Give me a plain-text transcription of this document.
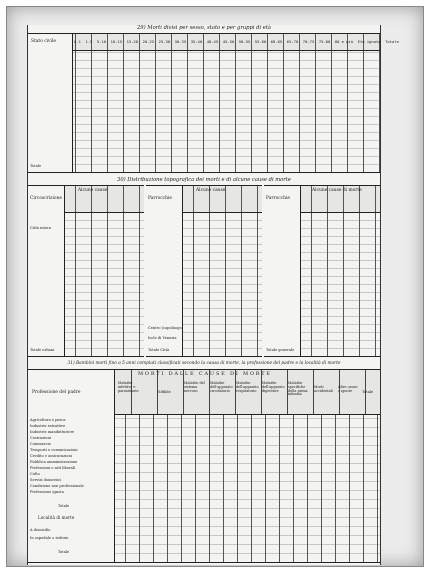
29) Morti divisi per sesso, stato e per gruppi di età
Stato civile
Totale
0-1 1-5 5-10 10-15 15-20 20-25 25-30 30-35 35-40 40-45 45-50 50-55 55-60 60-65 65-70 70-75 75-80 80 e più Età ignota Totale
30) Distribuzione topografica dei morti e di alcune cause di morte
Circoscrizione
Città intera
Totale urbani
Alcune cause
Parrocchie
Centro (capoluogo)
Isole di Venezia
Totale Città
Alcune cause
Parrocchie
Totale generale
Alcune cause di morte
31) Bambini morti fino a 5 anni compiuti classificati secondo la causa di morte, la professione del padre e la località di morte
MORTI DALLE CAUSE DI MORTE
Professione del padre
Agricoltura e pesca
Industrie estrattive
Industrie manifatturiere
Costruzioni
Commercio
Trasporti e comunicazioni
Credito e assicurazioni
Pubblica amministrazione
Professioni e arti liberali
Culto
Servizi domestici
Condizione non professionale
Professione ignota
Totale
Località di morte
A domicilio
In ospedale o istituto
Totale
Malattie infettive e parassitarie	Sifilide
Malattie del sistema nervoso
Malattie dell'apparato circolatorio
Malattie dell'apparato respiratorio
Malattie dell'apparato digerente
Malattie specifiche della prima infanzia
Morti accidentali
Altre cause o ignote	Totale
